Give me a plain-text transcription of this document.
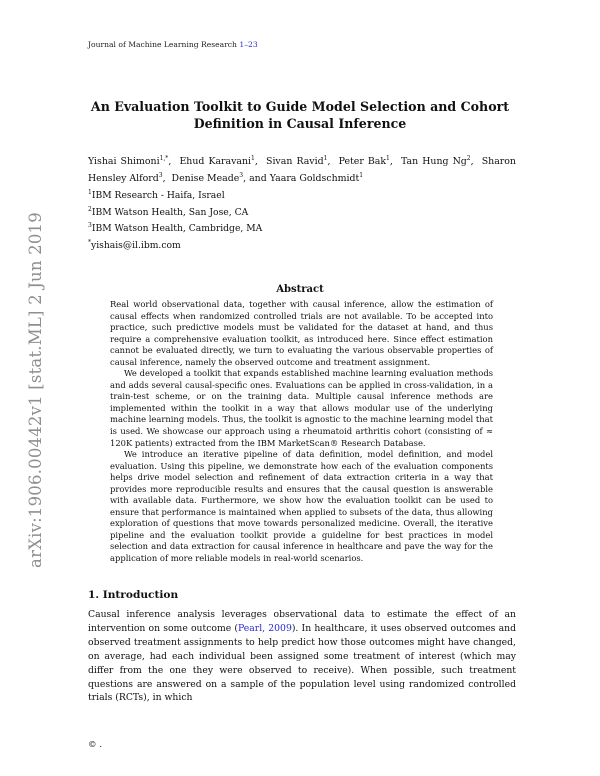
Journal of Machine Learning Research 1–23
arXiv:1906.00442v1 [stat.ML] 2 Jun 2019
An Evaluation Toolkit to Guide Model Selection and Cohort Definition in Causal Inference
Yishai Shimoni$^{1,*}$,  Ehud Karavani$^1$,  Sivan Ravid$^1$,  Peter Bak$^1$,  Tan Hung Ng$^2$,  Sharon Hensley Alford$^3$,  Denise Meade$^3$, and Yaara Goldschmidt$^1$
$^1$IBM Research - Haifa, Israel
$^2$IBM Watson Health, San Jose, CA
$^3$IBM Watson Health, Cambridge, MA
*yishais@il.ibm.com
Abstract

Real world observational data, together with causal inference, allow the estimation of causal effects when randomized controlled trials are not available. To be accepted into practice, such predictive models must be validated for the dataset at hand, and thus require a comprehensive evaluation toolkit, as introduced here. Since effect estimation cannot be evaluated directly, we turn to evaluating the various observable properties of causal inference, namely the observed outcome and treatment assignment.

We developed a toolkit that expands established machine learning evaluation methods and adds several causal-specific ones. Evaluations can be applied in cross-validation, in a train-test scheme, or on the training data. Multiple causal inference methods are implemented within the toolkit in a way that allows modular use of the underlying machine learning models. Thus, the toolkit is agnostic to the machine learning model that is used. We showcase our approach using a rheumatoid arthritis cohort (consisting of ≈ 120K patients) extracted from the IBM MarketScan® Research Database.

We introduce an iterative pipeline of data definition, model definition, and model evaluation. Using this pipeline, we demonstrate how each of the evaluation components helps drive model selection and refinement of data extraction criteria in a way that provides more reproducible results and ensures that the causal question is answerable with available data. Furthermore, we show how the evaluation toolkit can be used to ensure that performance is maintained when applied to subsets of the data, thus allowing exploration of questions that move towards personalized medicine. Overall, the iterative pipeline and the evaluation toolkit provide a guideline for best practices in model selection and data extraction for causal inference in healthcare and pave the way for the application of more reliable models in real-world scenarios.

1. Introduction
Causal inference analysis leverages observational data to estimate the effect of an intervention on some outcome (Pearl, 2009). In healthcare, it uses observed outcomes and observed treatment assignments to help predict how those outcomes might have changed, on average, had each individual been assigned some treatment of interest (which may differ from the one they were observed to receive). When possible, such treatment questions are answered on a sample of the population level using randomized controlled trials (RCTs), in which
© .
